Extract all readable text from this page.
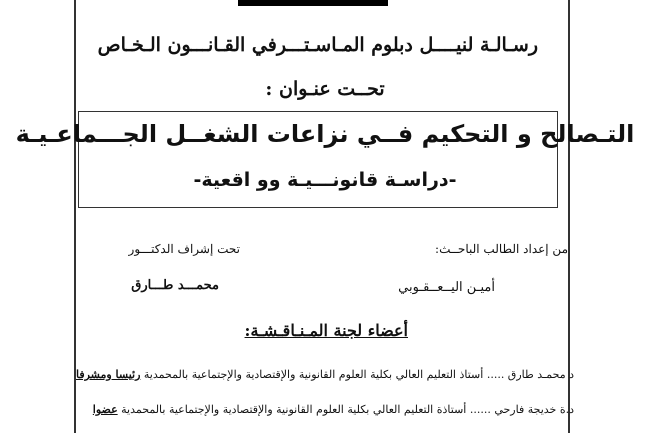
رسـالـة لنيــــل دبلوم المـاسـتـــرفي القـانـــون الـخـاص
تحــت عنـوان :
التـصالح و التحكيم فــي نزاعات الشغــل الجـــماعـيـة
-دراسـة قانونـــيـة وو اقعية-
من إعداد الطالب الباحــث:
تحت إشراف الدكتـــور
أميـن اليــعــقـوبي
محمـــد طـــارق
أعضاء لجنة المـنـاقـشـة:
د محمـد طارق ..... أستاذ التعليم العالي بكلية العلوم القانونية والإقتصادية والإجتماعية بالمحمدية رئيسا ومشرفا
د.ة خديجة فارحي ...... أستاذة التعليم العالي بكلية العلوم القانونية والإقتصادية والإجتماعية بالمحمدية عضوا
